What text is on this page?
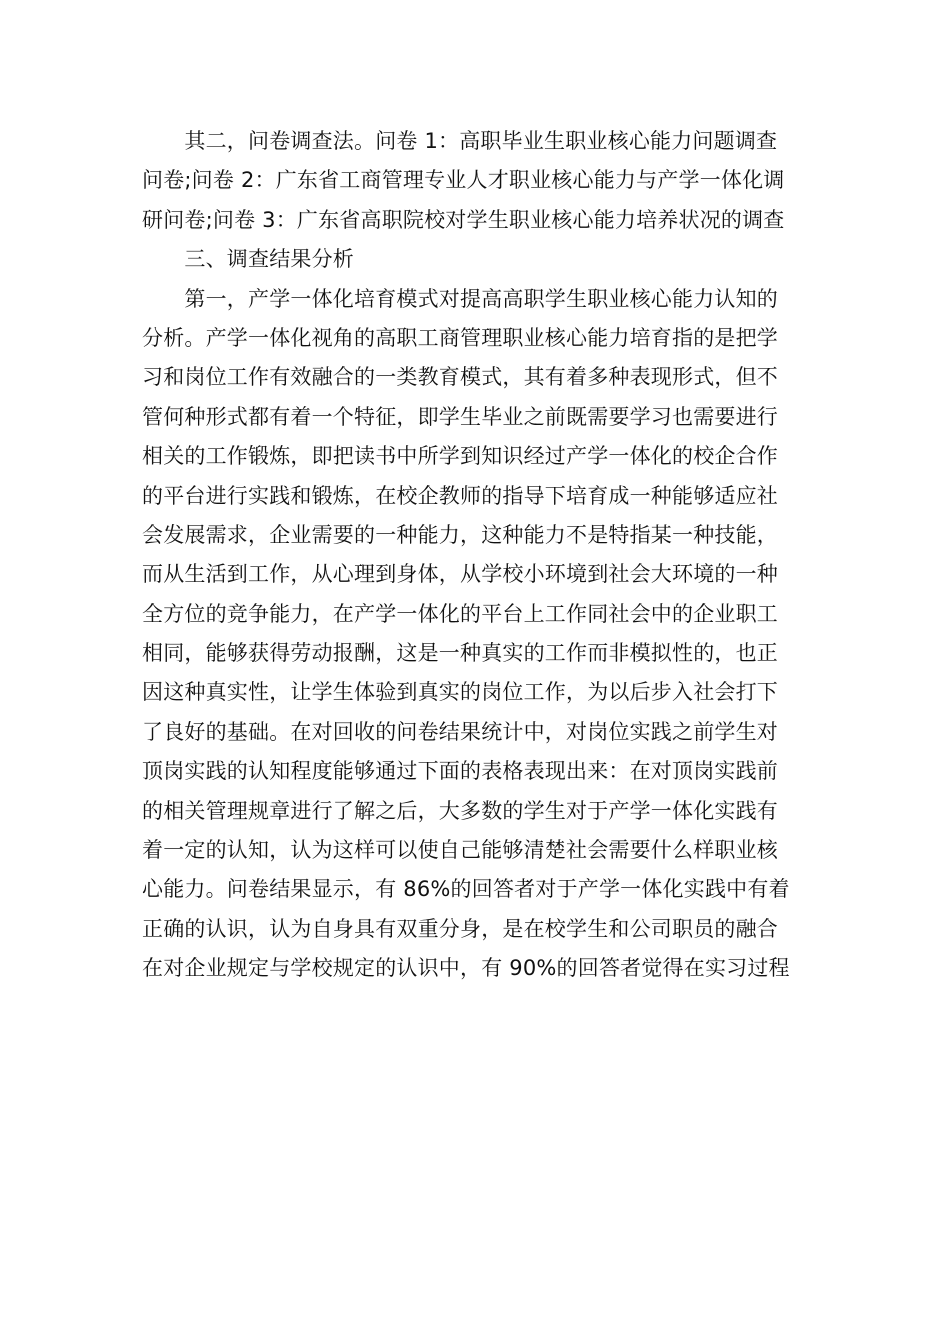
　　其二，问卷调查法。问卷 1：高职毕业生职业核心能力问题调查
问卷;问卷 2：广东省工商管理专业人才职业核心能力与产学一体化调
研问卷;问卷 3：广东省高职院校对学生职业核心能力培养状况的调查
　　三、调查结果分析
　　第一，产学一体化培育模式对提高高职学生职业核心能力认知的
分析。产学一体化视角的高职工商管理职业核心能力培育指的是把学
习和岗位工作有效融合的一类教育模式，其有着多种表现形式，但不
管何种形式都有着一个特征，即学生毕业之前既需要学习也需要进行
相关的工作锻炼，即把读书中所学到知识经过产学一体化的校企合作
的平台进行实践和锻炼，在校企教师的指导下培育成一种能够适应社
会发展需求，企业需要的一种能力，这种能力不是特指某一种技能，
而从生活到工作，从心理到身体，从学校小环境到社会大环境的一种
全方位的竞争能力，在产学一体化的平台上工作同社会中的企业职工
相同，能够获得劳动报酬，这是一种真实的工作而非模拟性的，也正
因这种真实性，让学生体验到真实的岗位工作，为以后步入社会打下
了良好的基础。在对回收的问卷结果统计中，对岗位实践之前学生对
顶岗实践的认知程度能够通过下面的表格表现出来：在对顶岗实践前
的相关管理规章进行了解之后，大多数的学生对于产学一体化实践有
着一定的认知，认为这样可以使自己能够清楚社会需要什么样职业核
心能力。问卷结果显示，有 86%的回答者对于产学一体化实践中有着
正确的认识，认为自身具有双重分身，是在校学生和公司职员的融合
在对企业规定与学校规定的认识中，有 90%的回答者觉得在实习过程
